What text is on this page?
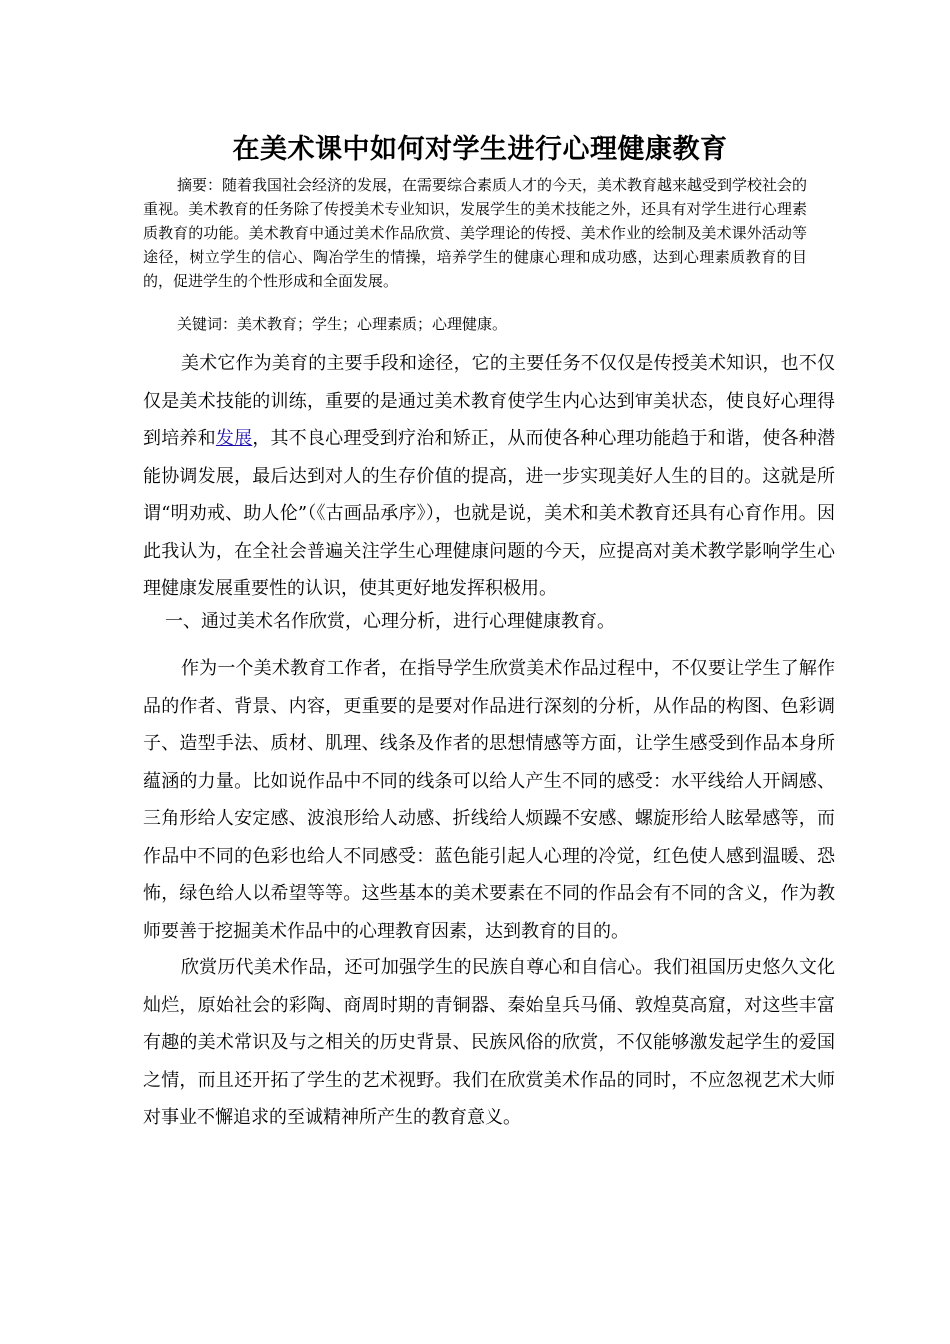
在美术课中如何对学生进行心理健康教育

摘要：随着我国社会经济的发展，在需要综合素质人才的今天，美术教育越来越受到学校社会的重视。美术教育的任务除了传授美术专业知识，发展学生的美术技能之外，还具有对学生进行心理素质教育的功能。美术教育中通过美术作品欣赏、美学理论的传授、美术作业的绘制及美术课外活动等途径，树立学生的信心、陶冶学生的情操，培养学生的健康心理和成功感，达到心理素质教育的目的，促进学生的个性形成和全面发展。

关键词：美术教育；学生；心理素质；心理健康。

美术它作为美育的主要手段和途径，它的主要任务不仅仅是传授美术知识，也不仅仅是美术技能的训练，重要的是通过美术教育使学生内心达到审美状态，使良好心理得到培养和发展，其不良心理受到疗治和矫正，从而使各种心理功能趋于和谐，使各种潜能协调发展，最后达到对人的生存价值的提高，进一步实现美好人生的目的。这就是所谓“明劝戒、助人伦”（《古画品承序》），也就是说，美术和美术教育还具有心育作用。因此我认为，在全社会普遍关注学生心理健康问题的今天，应提高对美术教学影响学生心理健康发展重要性的认识，使其更好地发挥积极用。

一、通过美术名作欣赏，心理分析，进行心理健康教育。

作为一个美术教育工作者，在指导学生欣赏美术作品过程中，不仅要让学生了解作品的作者、背景、内容，更重要的是要对作品进行深刻的分析，从作品的构图、色彩调子、造型手法、质材、肌理、线条及作者的思想情感等方面，让学生感受到作品本身所蕴涵的力量。比如说作品中不同的线条可以给人产生不同的感受：水平线给人开阔感、三角形给人安定感、波浪形给人动感、折线给人烦躁不安感、螺旋形给人眩晕感等，而作品中不同的色彩也给人不同感受：蓝色能引起人心理的冷觉，红色使人感到温暖、恐怖，绿色给人以希望等等。这些基本的美术要素在不同的作品会有不同的含义，作为教师要善于挖掘美术作品中的心理教育因素，达到教育的目的。

欣赏历代美术作品，还可加强学生的民族自尊心和自信心。我们祖国历史悠久文化灿烂，原始社会的彩陶、商周时期的青铜器、秦始皇兵马俑、敦煌莫高窟，对这些丰富有趣的美术常识及与之相关的历史背景、民族风俗的欣赏，不仅能够激发起学生的爱国之情，而且还开拓了学生的艺术视野。我们在欣赏美术作品的同时，不应忽视艺术大师对事业不懈追求的至诚精神所产生的教育意义。
